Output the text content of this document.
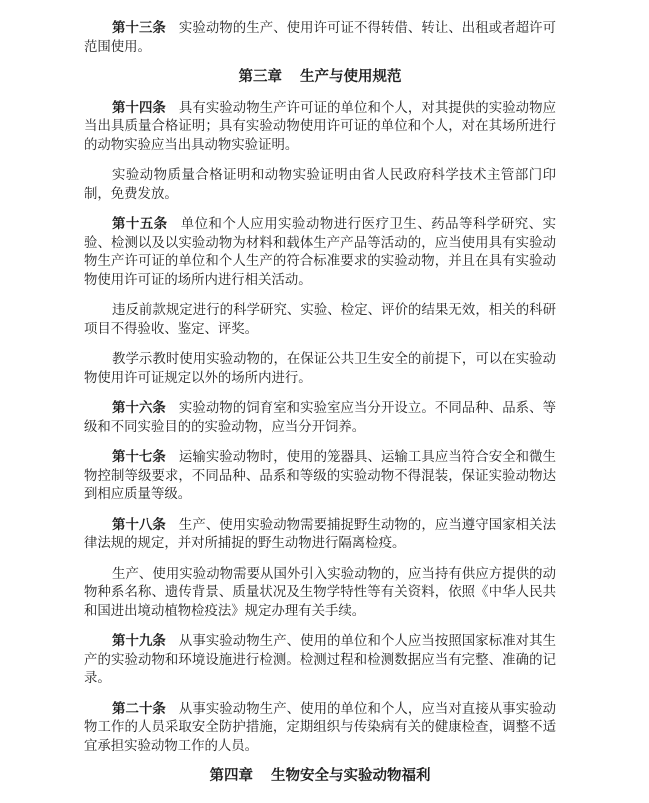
第十三条 实验动物的生产、使用许可证不得转借、转让、出租或者超许可范围使用。

第三章 生产与使用规范

第十四条 具有实验动物生产许可证的单位和个人，对其提供的实验动物应当出具质量合格证明；具有实验动物使用许可证的单位和个人，对在其场所进行的动物实验应当出具动物实验证明。

实验动物质量合格证明和动物实验证明由省人民政府科学技术主管部门印制，免费发放。

第十五条 单位和个人应用实验动物进行医疗卫生、药品等科学研究、实验、检测以及以实验动物为材料和载体生产产品等活动的，应当使用具有实验动物生产许可证的单位和个人生产的符合标准要求的实验动物，并且在具有实验动物使用许可证的场所内进行相关活动。

违反前款规定进行的科学研究、实验、检定、评价的结果无效，相关的科研项目不得验收、鉴定、评奖。

教学示教时使用实验动物的，在保证公共卫生安全的前提下，可以在实验动物使用许可证规定以外的场所内进行。

第十六条 实验动物的饲育室和实验室应当分开设立。不同品种、品系、等级和不同实验目的的实验动物，应当分开饲养。

第十七条 运输实验动物时，使用的笼器具、运输工具应当符合安全和微生物控制等级要求，不同品种、品系和等级的实验动物不得混装，保证实验动物达到相应质量等级。

第十八条 生产、使用实验动物需要捕捉野生动物的，应当遵守国家相关法律法规的规定，并对所捕捉的野生动物进行隔离检疫。

生产、使用实验动物需要从国外引入实验动物的，应当持有供应方提供的动物种系名称、遗传背景、质量状况及生物学特性等有关资料，依照《中华人民共和国进出境动植物检疫法》规定办理有关手续。

第十九条 从事实验动物生产、使用的单位和个人应当按照国家标准对其生产的实验动物和环境设施进行检测。检测过程和检测数据应当有完整、准确的记录。

第二十条 从事实验动物生产、使用的单位和个人，应当对直接从事实验动物工作的人员采取安全防护措施，定期组织与传染病有关的健康检查，调整不适宜承担实验动物工作的人员。

第四章 生物安全与实验动物福利
